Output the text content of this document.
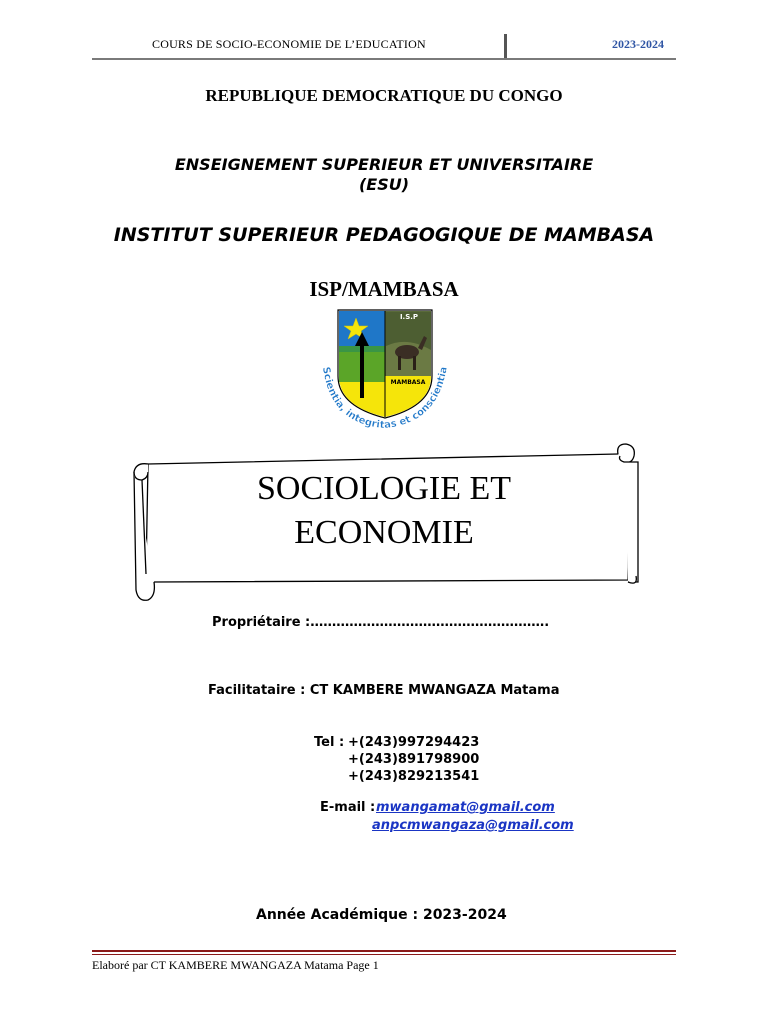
COURS DE SOCIO-ECONOMIE DE L’EDUCATION	2023-2024
REPUBLIQUE DEMOCRATIQUE DU CONGO
ENSEIGNEMENT SUPERIEUR ET UNIVERSITAIRE
(ESU)
INSTITUT SUPERIEUR PEDAGOGIQUE DE MAMBASA
ISP/MAMBASA
I.S.P
MAMBASA
Scientia, integritas et conscientia
SOCIOLOGIE ET
ECONOMIE
Propriétaire :……………………………………………….
Facilitataire : CT KAMBERE MWANGAZA Matama
Tel : +(243)997294423
+(243)891798900
+(243)829213541
E-mail : mwangamat@gmail.com
anpcmwangaza@gmail.com
Année Académique : 2023-2024
Elaboré par CT KAMBERE MWANGAZA Matama Page 1
